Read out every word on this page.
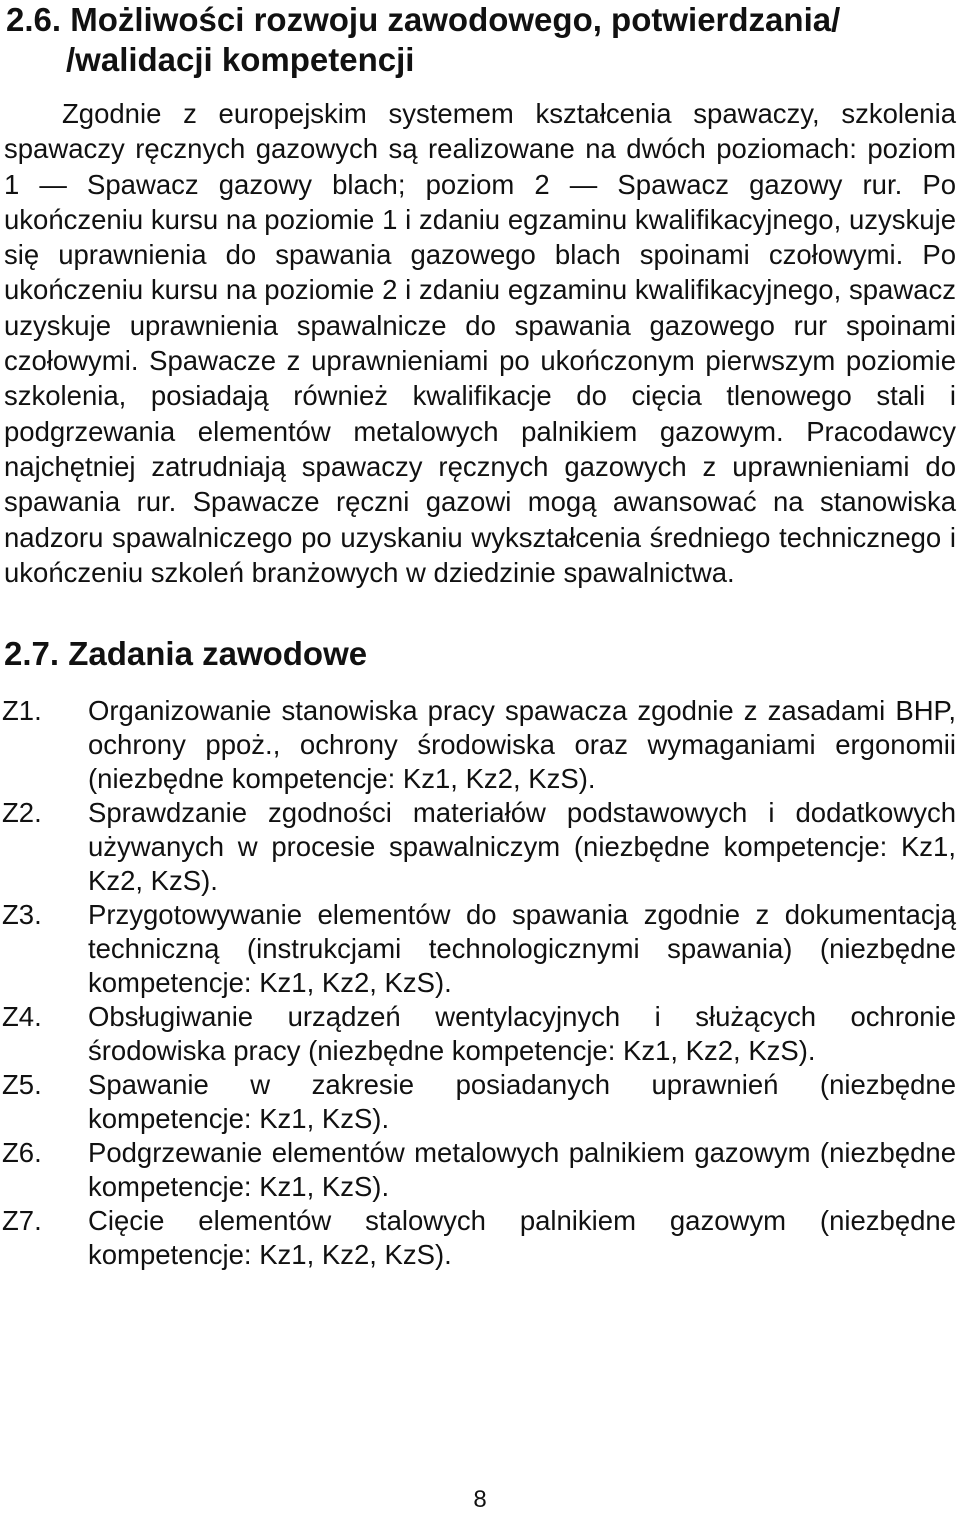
2.6. Możliwości rozwoju zawodowego, potwierdzania/
/walidacji kompetencji

Zgodnie z europejskim systemem kształcenia spawaczy, szkolenia spawaczy ręcznych gazowych są realizowane na dwóch poziomach: poziom 1 — Spawacz gazowy blach; poziom 2 — Spawacz gazowy rur. Po ukończeniu kursu na poziomie 1 i zdaniu egzaminu kwalifikacyjnego, uzyskuje się uprawnienia do spawania gazowego blach spoinami czołowymi. Po ukończeniu kursu na poziomie 2 i zdaniu egzaminu kwalifikacyjnego, spawacz uzyskuje uprawnienia spawalnicze do spawania gazowego rur spoinami czołowymi. Spawacze z uprawnieniami po ukończonym pierwszym poziomie szkolenia, posiadają również kwalifikacje do cięcia tlenowego stali i podgrzewania elementów metalowych palnikiem gazowym. Pracodawcy najchętniej zatrudniają spawaczy ręcznych gazowych z uprawnieniami do spawania rur. Spawacze ręczni gazowi mogą awansować na stanowiska nadzoru spawalniczego po uzyskaniu wykształcenia średniego technicznego i ukończeniu szkoleń branżowych w dziedzinie spawalnictwa.

2.7. Zadania zawodowe
Z1.	Organizowanie stanowiska pracy spawacza zgodnie z zasadami BHP, ochrony ppoż., ochrony środowiska oraz wymaganiami ergonomii (niezbędne kompetencje: Kz1, Kz2, KzS).
Z2.	Sprawdzanie zgodności materiałów podstawowych i dodatkowych używanych w procesie spawalniczym (niezbędne kompetencje: Kz1, Kz2, KzS).
Z3.	Przygotowywanie elementów do spawania zgodnie z dokumentacją techniczną (instrukcjami technologicznymi spawania) (niezbędne kompetencje: Kz1, Kz2, KzS).
Z4.	Obsługiwanie urządzeń wentylacyjnych i służących ochronie środowiska pracy (niezbędne kompetencje: Kz1, Kz2, KzS).
Z5.	Spawanie w zakresie posiadanych uprawnień (niezbędne kompetencje: Kz1, KzS).
Z6.	Podgrzewanie elementów metalowych palnikiem gazowym (niezbędne kompetencje: Kz1, KzS).
Z7.	Cięcie elementów stalowych palnikiem gazowym (niezbędne kompetencje: Kz1, Kz2, KzS).
8
